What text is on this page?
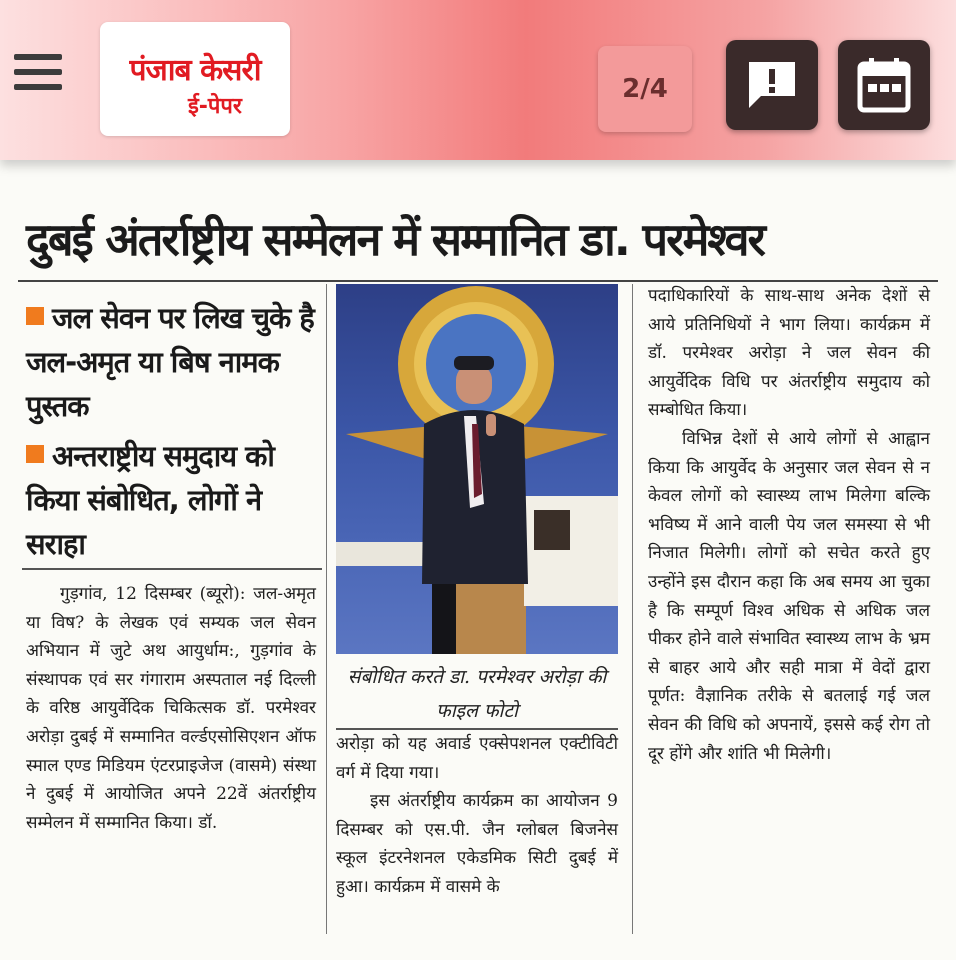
पंजाब केसरी
ई-पेपर
2/4
दुबई अंतर्राष्ट्रीय सम्मेलन में सम्मानित डा. परमेश्वर
जल सेवन पर लिख चुके है जल-अमृत या बिष नामक पुस्तक
अन्तराष्ट्रीय समुदाय को किया संबोधित, लोगों ने सराहा

गुड़गांव, 12 दिसम्बर (ब्यूरो): जल-अमृत या विष? के लेखक एवं सम्यक जल सेवन अभियान में जुटे अथ आयुर्धाम:, गुड़गांव के संस्थापक एवं सर गंगाराम अस्पताल नई दिल्ली के वरिष्ठ आयुर्वेदिक चिकित्सक डॉ. परमेश्वर अरोड़ा दुबई में सम्मानित वर्ल्डएसोसिएशन ऑफ स्माल एण्ड मिडियम एंटरप्राइजेज (वासमे) संस्था ने दुबई में आयोजित अपने 22वें अंतर्राष्ट्रीय सम्मेलन में सम्मानित किया। डॉ.

संबोधित करते डा. परमेश्वर अरोड़ा की फाइल फोटो

अरोड़ा को यह अवार्ड एक्सेपशनल एक्टीविटी वर्ग में दिया गया।

इस अंतर्राष्ट्रीय कार्यक्रम का आयोजन 9 दिसम्बर को एस.पी. जैन ग्लोबल बिजनेस स्कूल इंटरनेशनल एकेडमिक सिटी दुबई में हुआ। कार्यक्रम में वासमे के

पदाधिकारियों के साथ-साथ अनेक देशों से आये प्रतिनिधियों ने भाग लिया। कार्यक्रम में डॉ. परमेश्वर अरोड़ा ने जल सेवन की आयुर्वेदिक विधि पर अंतर्राष्ट्रीय समुदाय को सम्बोधित किया।

विभिन्न देशों से आये लोगों से आह्वान किया कि आयुर्वेद के अनुसार जल सेवन से न केवल लोगों को स्वास्थ्य लाभ मिलेगा बल्कि भविष्य में आने वाली पेय जल समस्या से भी निजात मिलेगी। लोगों को सचेत करते हुए उन्होंने इस दौरान कहा कि अब समय आ चुका है कि सम्पूर्ण विश्व अधिक से अधिक जल पीकर होने वाले संभावित स्वास्थ्य लाभ के भ्रम से बाहर आये और सही मात्रा में वेदों द्वारा पूर्णत: वैज्ञानिक तरीके से बतलाई गई जल सेवन की विधि को अपनायें, इससे कई रोग तो दूर होंगे और शांति भी मिलेगी।
